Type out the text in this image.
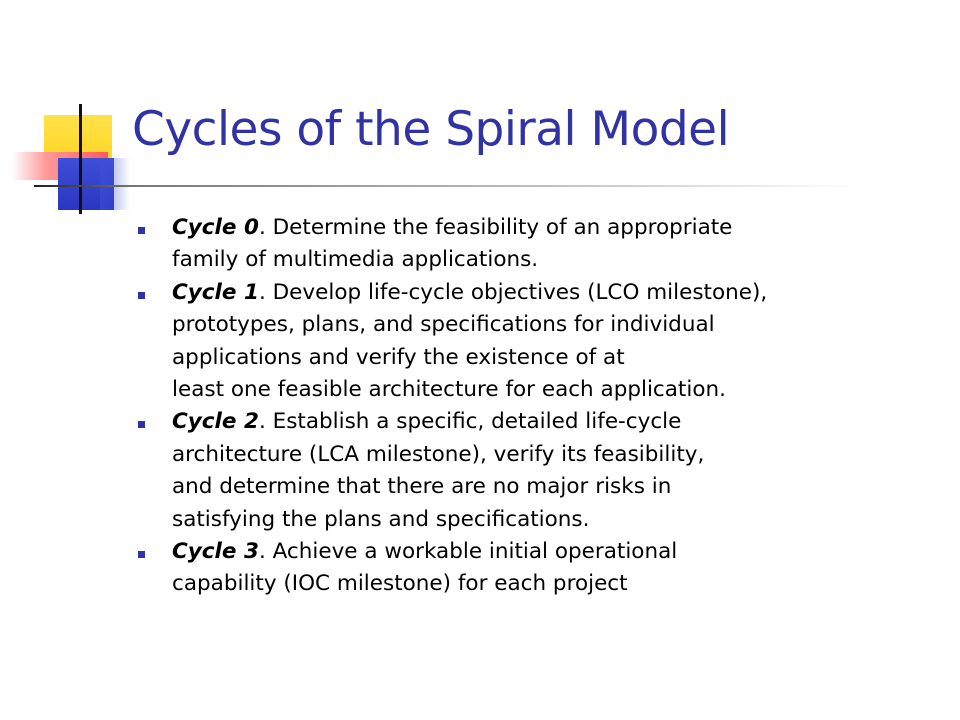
Cycles of the Spiral Model
Cycle 0. Determine the feasibility of an appropriate
family of multimedia applications.
Cycle 1. Develop life-cycle objectives (LCO milestone),
prototypes, plans, and specifications for individual
applications and verify the existence of at
least one feasible architecture for each application.
Cycle 2. Establish a specific, detailed life-cycle
architecture (LCA milestone), verify its feasibility,
and determine that there are no major risks in
satisfying the plans and specifications.
Cycle 3. Achieve a workable initial operational
capability (IOC milestone) for each project
